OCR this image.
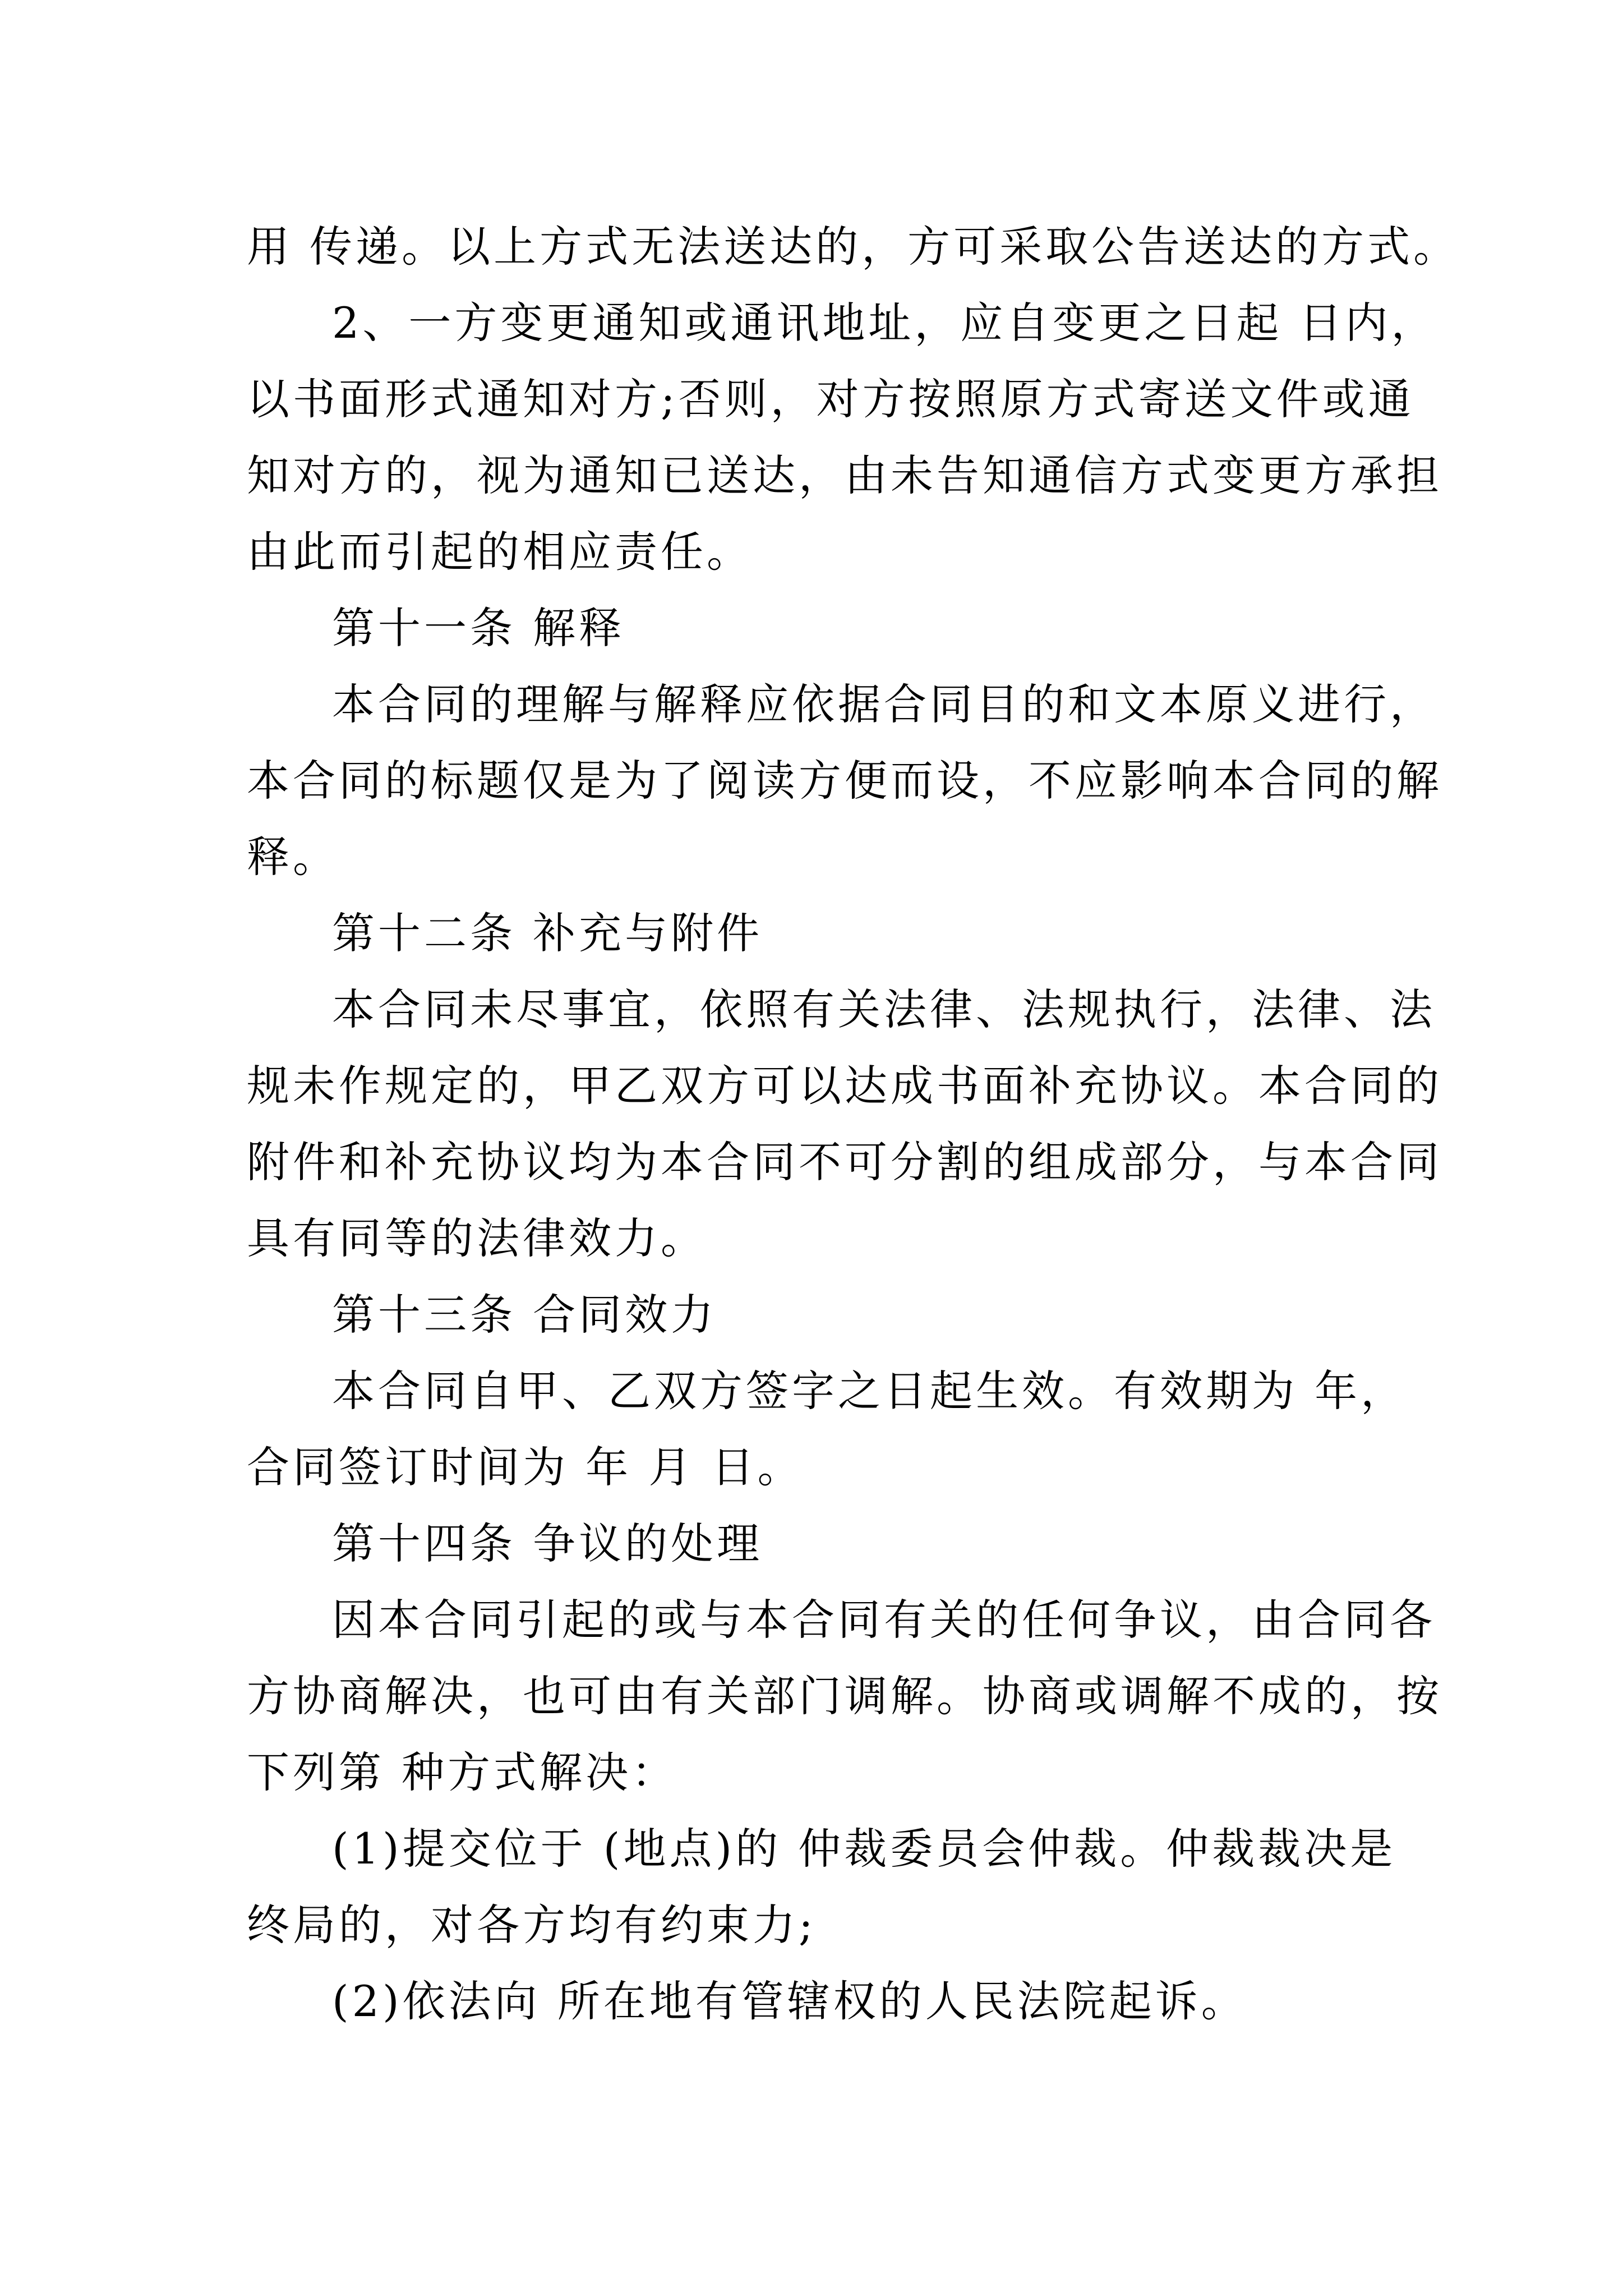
用 传递。以上方式无法送达的，方可采取公告送达的方式。
2、一方变更通知或通讯地址，应自变更之日起 日内，
以书面形式通知对方;否则，对方按照原方式寄送文件或通
知对方的，视为通知已送达，由未告知通信方式变更方承担
由此而引起的相应责任。
第十一条 解释
本合同的理解与解释应依据合同目的和文本原义进行，
本合同的标题仅是为了阅读方便而设，不应影响本合同的解
释。
第十二条 补充与附件
本合同未尽事宜，依照有关法律、法规执行，法律、法
规未作规定的，甲乙双方可以达成书面补充协议。本合同的
附件和补充协议均为本合同不可分割的组成部分，与本合同
具有同等的法律效力。
第十三条 合同效力
本合同自甲、乙双方签字之日起生效。有效期为 年，
合同签订时间为 年 月 日。
第十四条 争议的处理
因本合同引起的或与本合同有关的任何争议，由合同各
方协商解决，也可由有关部门调解。协商或调解不成的，按
下列第 种方式解决：
(1)提交位于 (地点)的 仲裁委员会仲裁。仲裁裁决是
终局的，对各方均有约束力;
(2)依法向 所在地有管辖权的人民法院起诉。
